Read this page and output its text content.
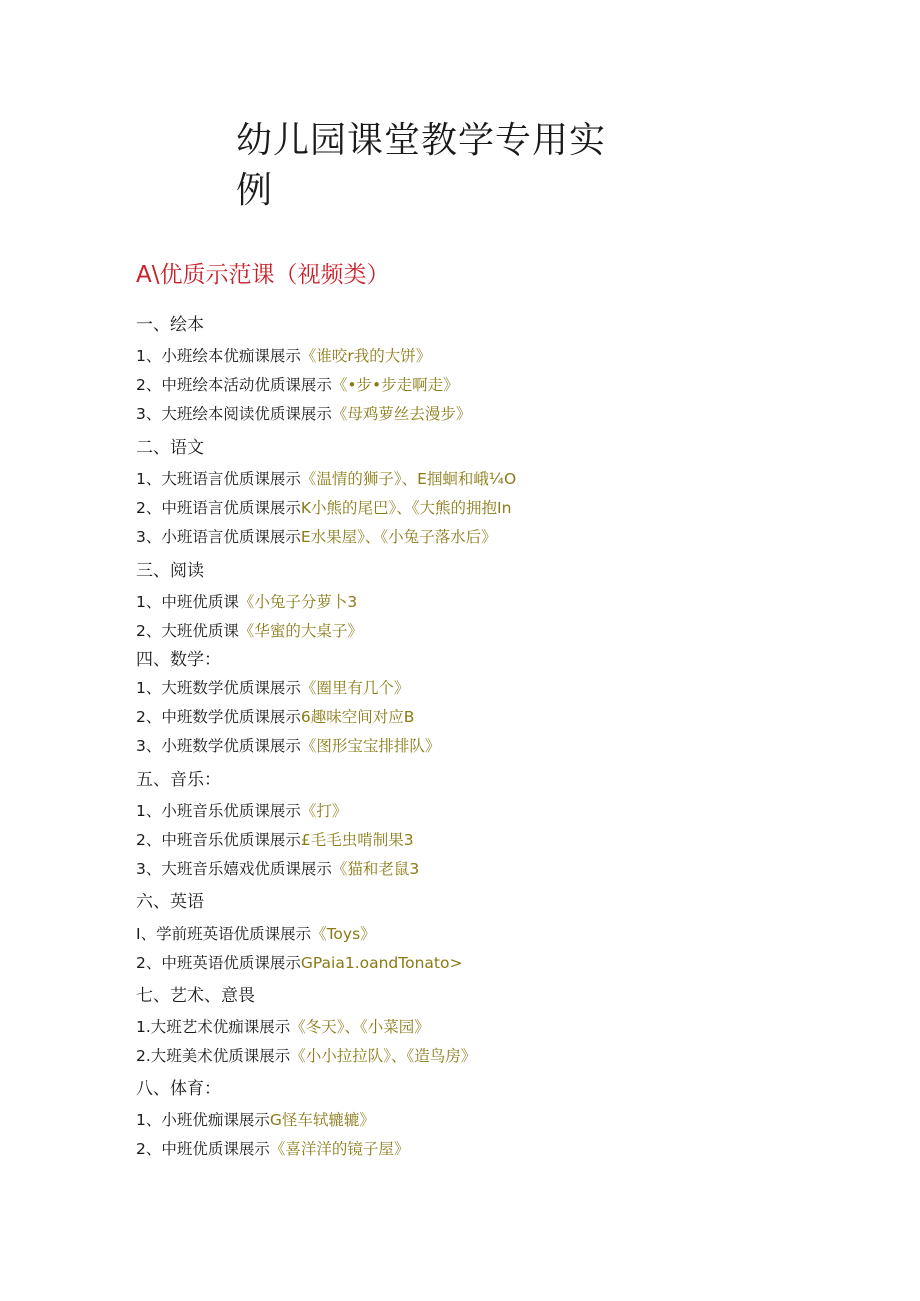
幼儿园课堂教学专用实例
A\优质示范课（视频类）
一、绘本
1、小班绘本优痂课展示《谁咬r我的大饼》
2、中班绘本活动优质课展示《•步•步走啊走》
3、大班绘本阅读优质课展示《母鸡萝丝去漫步》
二、语文
1、大班语言优质课展示《温情的狮子》、E掴蛔和峨¼O
2、中班语言优质课展示K小熊的尾巴》、《大熊的拥抱In
3、小班语言优质课展示E水果屋》、《小兔子落水后》
三、阅读
1、中班优质课《小兔子分萝卜3
2、大班优质课《华蜜的大桌子》
四、数学：
1、大班数学优质课展示《圈里有几个》
2、中班数学优质课展示6趣味空间对应B
3、小班数学优质课展示《图形宝宝排排队》
五、音乐：
1、小班音乐优质课展示《打》
2、中班音乐优质课展示£毛毛虫啃制果3
3、大班音乐嬉戏优质课展示《猫和老鼠3
六、英语
I、学前班英语优质课展示《Toys》
2、中班英语优质课展示GPaia1.oandTonato>
七、艺术、意畏
1.大班艺术优痂课展示《冬天》、《小菜园》
2.大班美术优质课展示《小小拉拉队》、《造鸟房》
八、体育：
1、小班优痂课展示G怪车轼辘辘》
2、中班优质课展示《喜洋洋的镜子屋》
